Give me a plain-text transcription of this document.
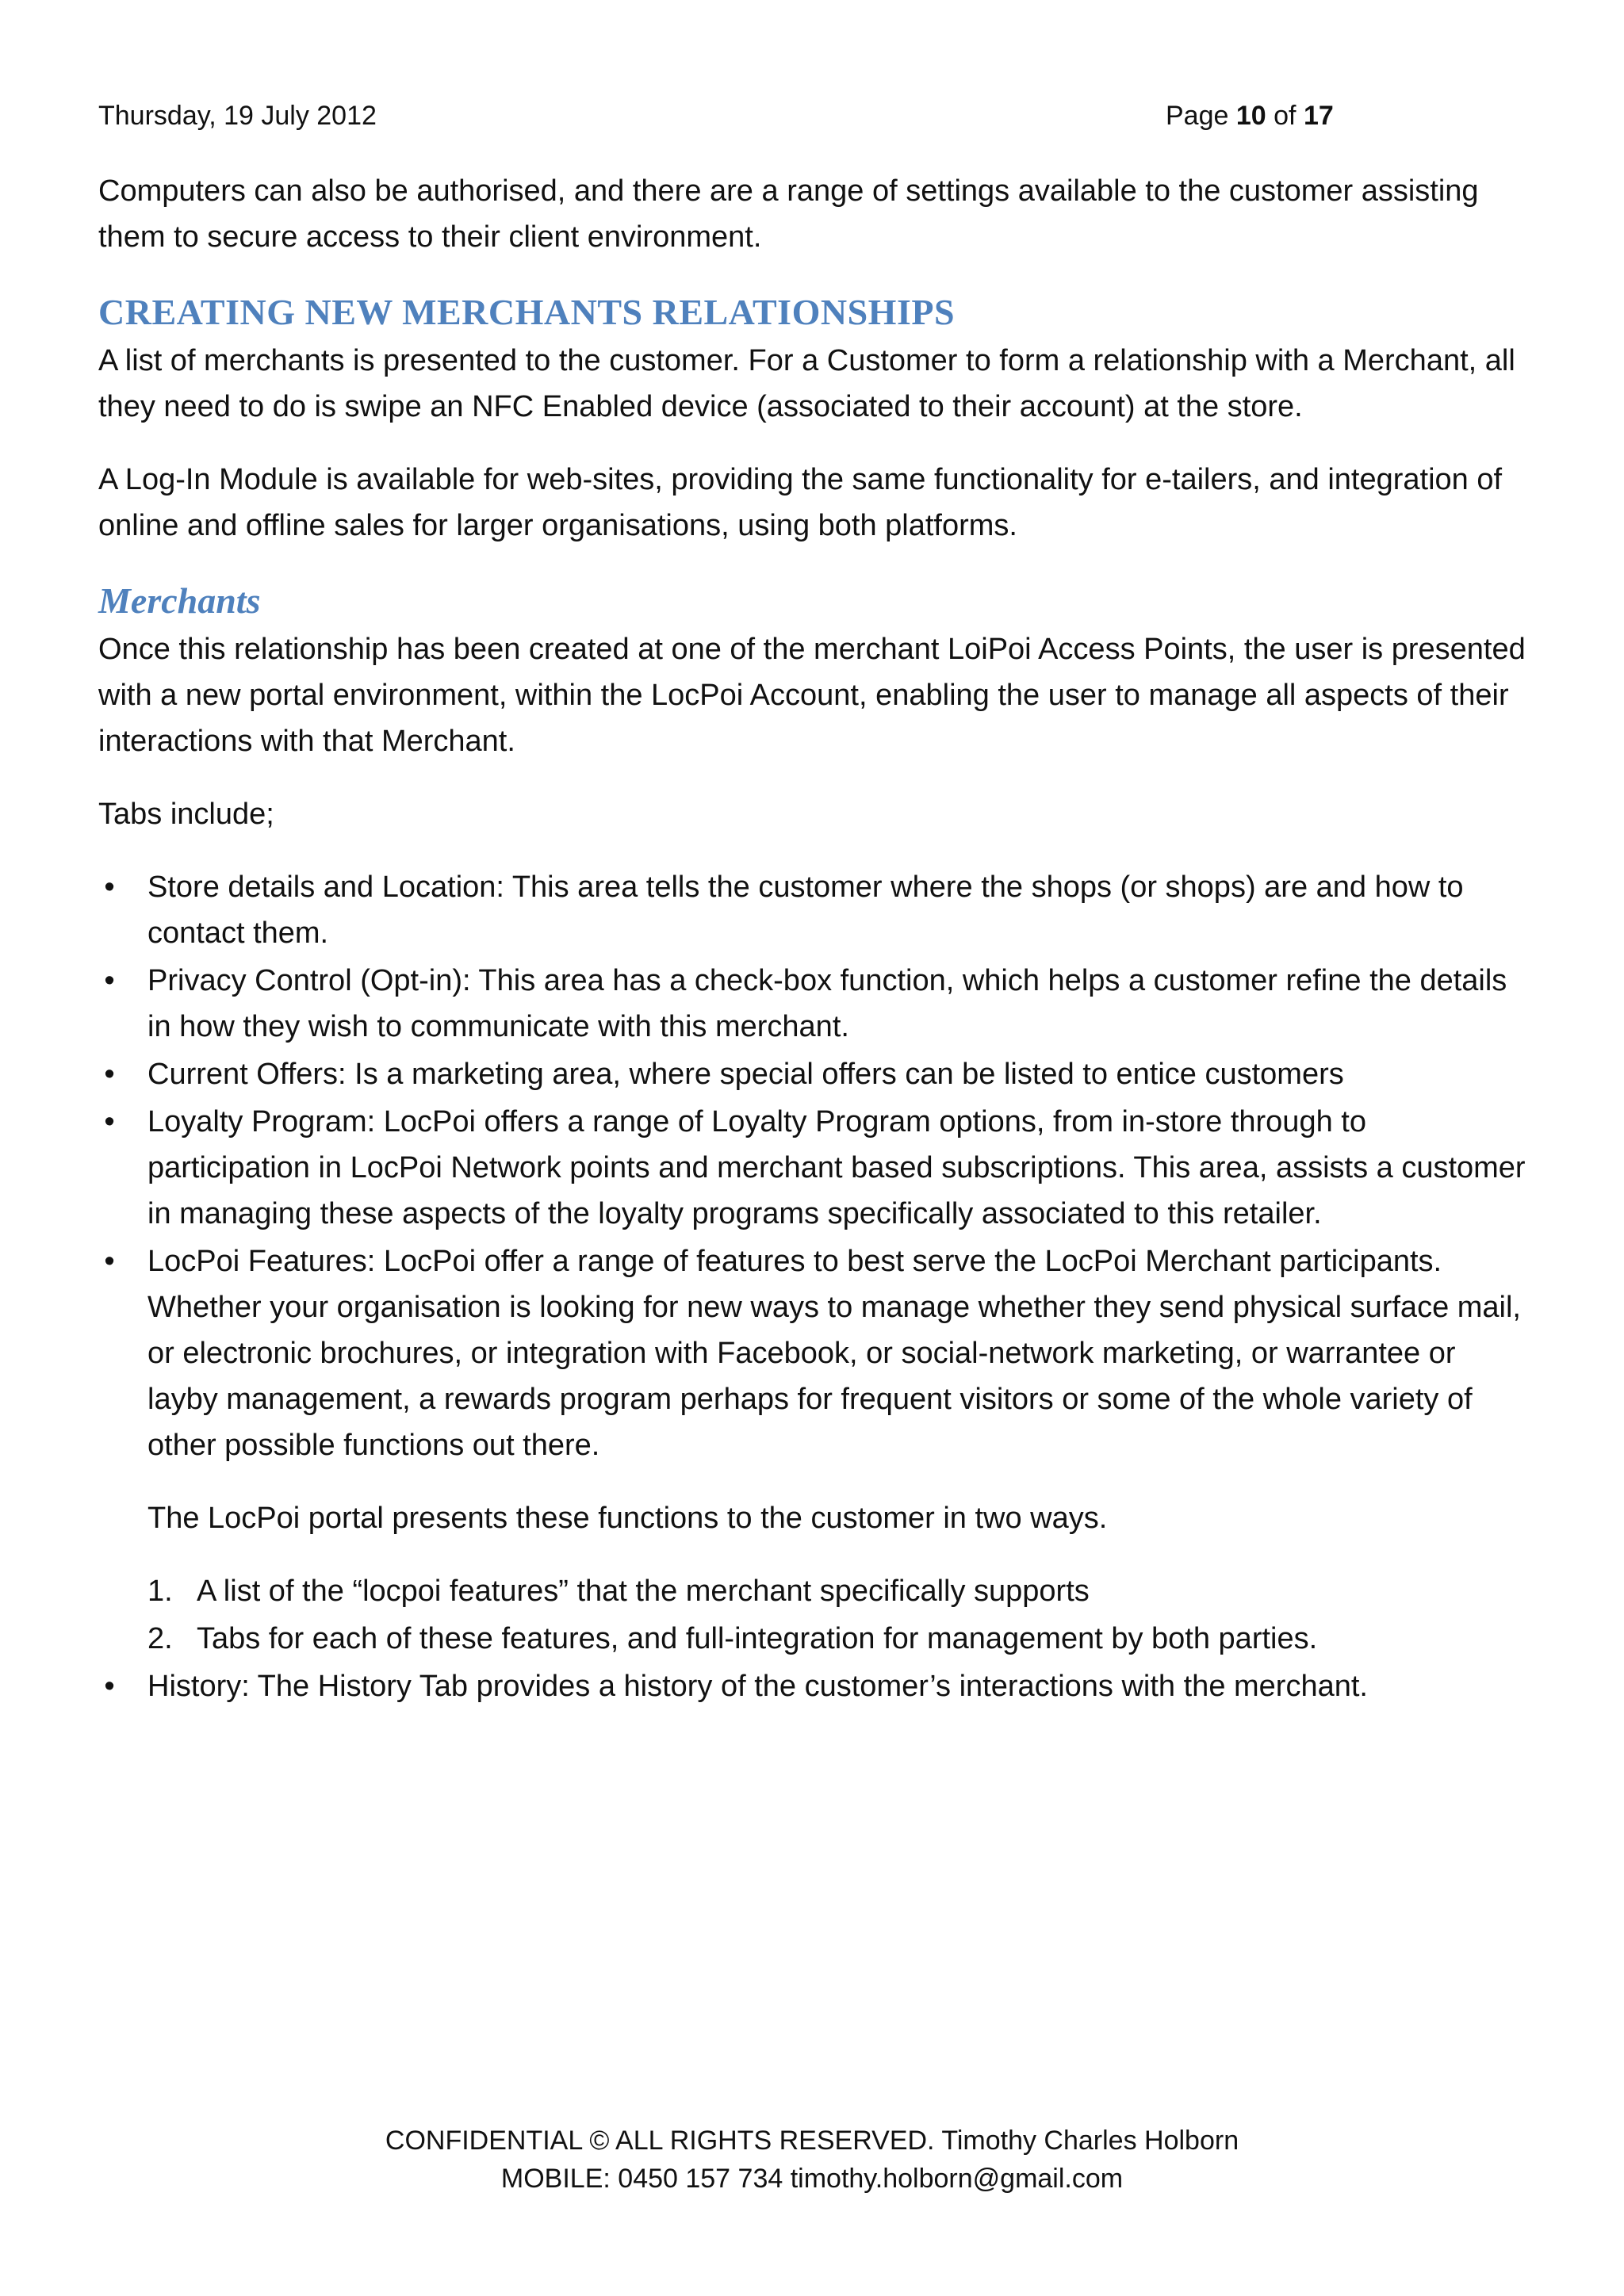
Thursday, 19 July 2012	Page 10 of 17

Computers can also be authorised, and there are a range of settings available to the customer assisting them to secure access to their client environment.

CREATING NEW MERCHANTS RELATIONSHIPS

A list of merchants is presented to the customer. For a Customer to form a relationship with a Merchant, all they need to do is swipe an NFC Enabled device (associated to their account) at the store.

A Log-In Module is available for web-sites, providing the same functionality for e-tailers, and integration of online and offline sales for larger organisations, using both platforms.

Merchants

Once this relationship has been created at one of the merchant LoiPoi Access Points, the user is presented with a new portal environment, within the LocPoi Account, enabling the user to manage all aspects of their interactions with that Merchant.

Tabs include;

• Store details and Location: This area tells the customer where the shops (or shops) are and how to contact them.
• Privacy Control (Opt-in): This area has a check-box function, which helps a customer refine the details in how they wish to communicate with this merchant.
• Current Offers: Is a marketing area, where special offers can be listed to entice customers
• Loyalty Program: LocPoi offers a range of Loyalty Program options, from in-store through to participation in LocPoi Network points and merchant based subscriptions. This area, assists a customer in managing these aspects of the loyalty programs specifically associated to this retailer.
• LocPoi Features: LocPoi offer a range of features to best serve the LocPoi Merchant participants. Whether your organisation is looking for new ways to manage whether they send physical surface mail, or electronic brochures, or integration with Facebook, or social-network marketing, or warrantee or layby management, a rewards program perhaps for frequent visitors or some of the whole variety of other possible functions out there.
The LocPoi portal presents these functions to the customer in two ways.
1. A list of the “locpoi features” that the merchant specifically supports
2. Tabs for each of these features, and full-integration for management by both parties.
• History: The History Tab provides a history of the customer’s interactions with the merchant.
CONFIDENTIAL © ALL RIGHTS RESERVED. Timothy Charles Holborn
MOBILE: 0450 157 734 timothy.holborn@gmail.com
